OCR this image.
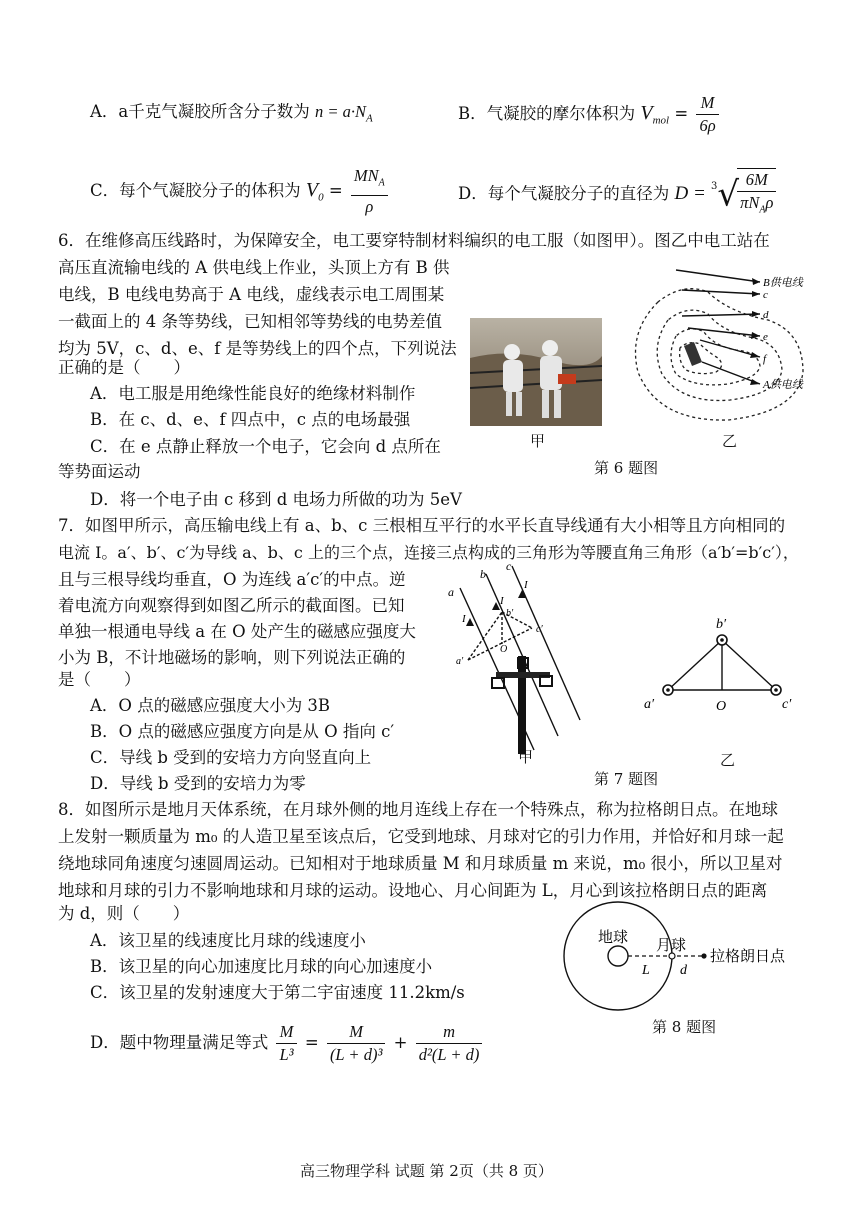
A．a千克气凝胶所含分子数为 $n = a\cdot N_A$	B．气凝胶的摩尔体积为 $V_{mol} = \frac{M}{6\rho}$
C．每个气凝胶分子的体积为 $V_0 = \frac{MN_A}{\rho}$	D．每个气凝胶分子的直径为 D = $^3$√
$\frac{6M}{\pi N_A\rho}$
6．在维修高压线路时，为保障安全，电工要穿特制材料编织的电工服（如图甲）。图乙中电工站在
高压直流输电线的 A 供电线上作业，头顶上方有 B 供
电线，B 电线电势高于 A 电线，虚线表示电工周围某
一截面上的 4 条等势线，已知相邻等势线的电势差值
均为 5V，c、d、e、f 是等势线上的四个点，下列说法
正确的是（　　）
A．电工服是用绝缘性能良好的绝缘材料制作
B．在 c、d、e、f 四点中，c 点的电场最强
C．在 e 点静止释放一个电子，它会向 d 点所在
等势面运动
D．将一个电子由 c 移到 d 电场力所做的功为 5eV
甲
B供电线
c
d
e
f
A供电线
乙
第 6 题图
7．如图甲所示，高压输电线上有 a、b、c 三根相互平行的水平长直导线通有大小相等且方向相同的
电流 I。a′、b′、c′为导线 a、b、c 上的三个点，连接三点构成的三角形为等腰直角三角形（a′b′=b′c′），
且与三根导线均垂直，O 为连线 a′c′的中点。逆
着电流方向观察得到如图乙所示的截面图。已知
单独一根通电导线 a 在 O 处产生的磁感应强度大
小为 B，不计地磁场的影响，则下列说法正确的
是（　　）
A．O 点的磁感应强度大小为 3B
B．O 点的磁感应强度方向是从 O 指向 c′
C．导线 b 受到的安培力方向竖直向上
D．导线 b 受到的安培力为零
a
b
c
I
I
I
b′
c′
a′
O
甲
b′
a′	O	c′
乙
第 7 题图
8．如图所示是地月天体系统，在月球外侧的地月连线上存在一个特殊点，称为拉格朗日点。在地球
上发射一颗质量为 m₀ 的人造卫星至该点后，它受到地球、月球对它的引力作用，并恰好和月球一起
绕地球同角速度匀速圆周运动。已知相对于地球质量 M 和月球质量 m 来说，m₀ 很小，所以卫星对
地球和月球的引力不影响地球和月球的运动。设地心、月心间距为 L，月心到该拉格朗日点的距离
为 d，则（　　）
A．该卫星的线速度比月球的线速度小
B．该卫星的向心加速度比月球的向心加速度小
C．该卫星的发射速度大于第二宇宙速度 11.2km/s
D．题中物理量满足等式 $\frac{M}{\text{L³}} = \frac{M}{\text{(L + d)³}} + \frac{m}{\text{d²(L + d)}}$
地球 月球
L d
拉格朗日点
第 8 题图
高三物理学科 试题 第 2页（共 8 页）
